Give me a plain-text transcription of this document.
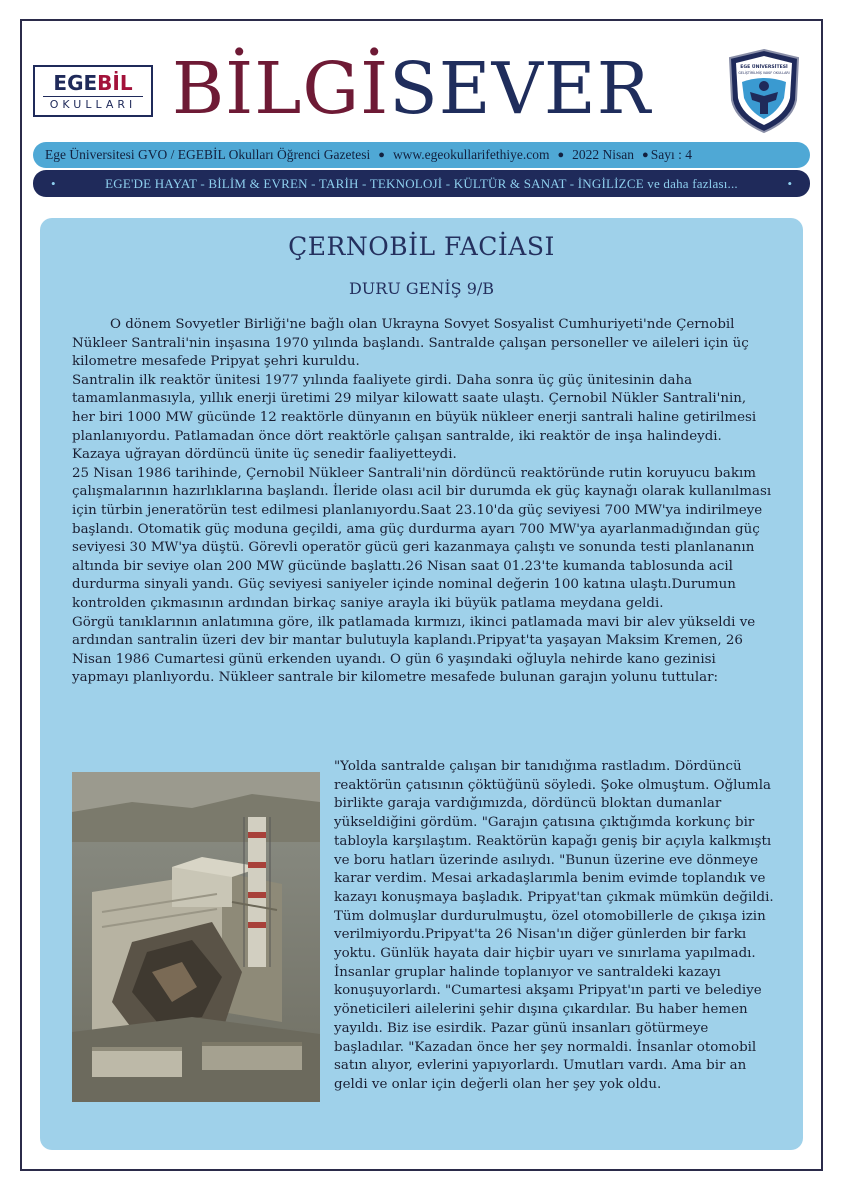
EGEBİL
OKULLARI BİLGİSEVER	EGE ÜNİVERSİTESİ
GELİŞTİRİLMİŞ VAKIF OKULLARI
Ege Üniversitesi GVO / EGEBİL Okulları Öğrenci Gazetesi ● www.egeokullarifethiye.com ● 2022 Nisan ● Sayı : 4
•	EGE'DE HAYAT - BİLİM & EVREN - TARİH - TEKNOLOJİ - KÜLTÜR & SANAT - İNGİLİZCE ve daha fazlası...	•
ÇERNOBİL FACİASI
DURU GENİŞ 9/B

O dönem Sovyetler Birliği'ne bağlı olan Ukrayna Sovyet Sosyalist Cumhuriyeti'nde Çernobil Nükleer Santrali'nin inşasına 1970 yılında başlandı. Santralde çalışan personeller ve aileleri için üç kilometre mesafede Pripyat şehri kuruldu.

Santralin ilk reaktör ünitesi 1977 yılında faaliyete girdi. Daha sonra üç güç ünitesinin daha tamamlanmasıyla, yıllık enerji üretimi 29 milyar kilowatt saate ulaştı. Çernobil Nükler Santrali'nin, her biri 1000 MW gücünde 12 reaktörle dünyanın en büyük nükleer enerji santrali haline getirilmesi planlanıyordu. Patlamadan önce dört reaktörle çalışan santralde, iki reaktör de inşa halindeydi. Kazaya uğrayan dördüncü ünite üç senedir faaliyetteydi.

25 Nisan 1986 tarihinde, Çernobil Nükleer Santrali'nin dördüncü reaktöründe rutin koruyucu bakım çalışmalarının hazırlıklarına başlandı. İleride olası acil bir durumda ek güç kaynağı olarak kullanılması için türbin jeneratörün test edilmesi planlanıyordu.Saat 23.10'da güç seviyesi 700 MW'ya indirilmeye başlandı. Otomatik güç moduna geçildi, ama güç durdurma ayarı 700 MW'ya ayarlanmadığından güç seviyesi 30 MW'ya düştü. Görevli operatör gücü geri kazanmaya çalıştı ve sonunda testi planlananın altında bir seviye olan 200 MW gücünde başlattı.26 Nisan saat 01.23'te kumanda tablosunda acil durdurma sinyali yandı. Güç seviyesi saniyeler içinde nominal değerin 100 katına ulaştı.Durumun kontrolden çıkmasının ardından birkaç saniye arayla iki büyük patlama meydana geldi.

Görgü tanıklarının anlatımına göre, ilk patlamada kırmızı, ikinci patlamada mavi bir alev yükseldi ve ardından santralin üzeri dev bir mantar bulutuyla kaplandı.Pripyat'ta yaşayan Maksim Kremen, 26 Nisan 1986 Cumartesi günü erkenden uyandı. O gün 6 yaşındaki oğluyla nehirde kano gezinisi yapmayı planlıyordu. Nükleer santrale bir kilometre mesafede bulunan garajın yolunu tuttular:

"Yolda santralde çalışan bir tanıdığıma rastladım. Dördüncü reaktörün çatısının çöktüğünü söyledi. Şoke olmuştum. Oğlumla birlikte garaja vardığımızda, dördüncü bloktan dumanlar yükseldiğini gördüm. "Garajın çatısına çıktığımda korkunç bir tabloyla karşılaştım. Reaktörün kapağı geniş bir açıyla kalkmıştı ve boru hatları üzerinde asılıydı. "Bunun üzerine eve dönmeye karar verdim. Mesai arkadaşlarımla benim evimde toplandık ve kazayı konuşmaya başladık. Pripyat'tan çıkmak mümkün değildi. Tüm dolmuşlar durdurulmuştu, özel otomobillerle de çıkışa izin verilmiyordu.Pripyat'ta 26 Nisan'ın diğer günlerden bir farkı yoktu. Günlük hayata dair hiçbir uyarı ve sınırlama yapılmadı. İnsanlar gruplar halinde toplanıyor ve santraldeki kazayı konuşuyorlardı. "Cumartesi akşamı Pripyat'ın parti ve belediye yöneticileri ailelerini şehir dışına çıkardılar. Bu haber hemen yayıldı. Biz ise esirdik. Pazar günü insanları götürmeye başladılar. "Kazadan önce her şey normaldi. İnsanlar otomobil satın alıyor, evlerini yapıyorlardı. Umutları vardı. Ama bir an geldi ve onlar için değerli olan her şey yok oldu.
